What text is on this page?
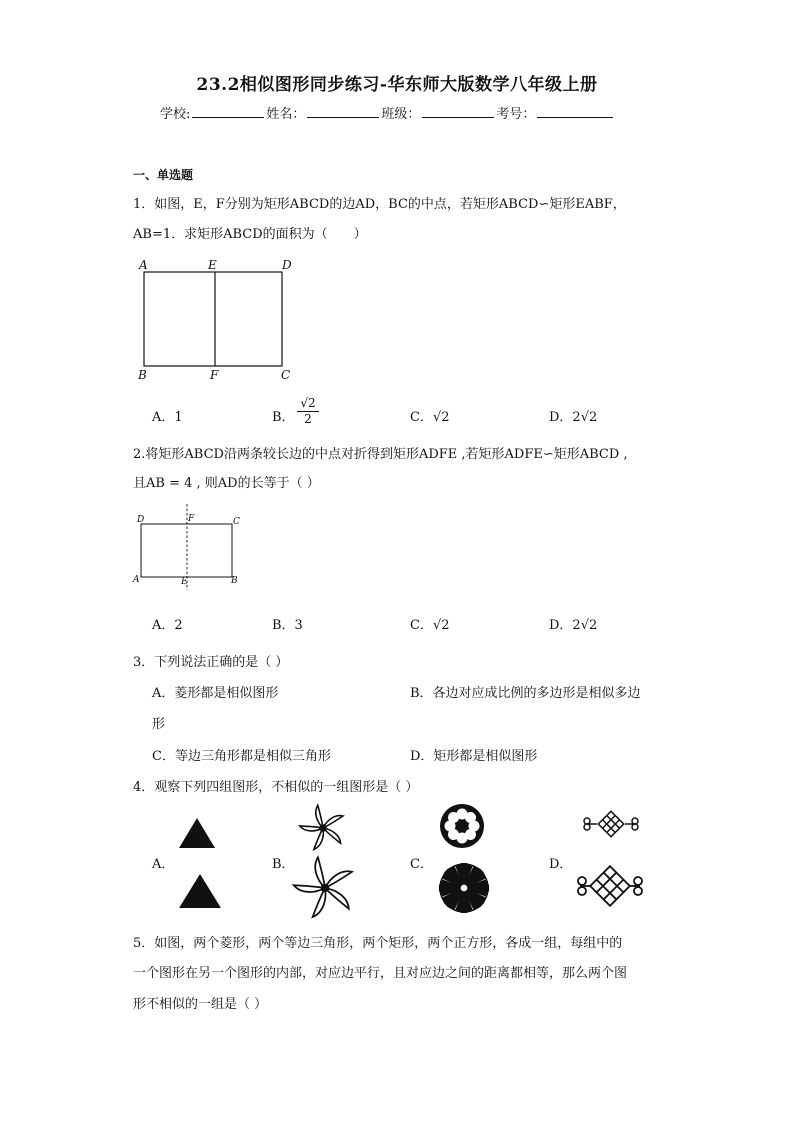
23.2相似图形同步练习-华东师大版数学八年级上册
学校:	姓名：	班级：	考号：
一、单选题
1．如图，E，F分别为矩形ABCD的边AD，BC的中点，若矩形ABCD∽矩形EABF，
AB=1．求矩形ABCD的面积为（　　）
A	E	D
B	F	C
A．1	B． $\frac{√2}{2}$	C．√2	D．2√2
2.将矩形ABCD沿两条较长边的中点对折得到矩形ADFE ,若矩形ADFE∽矩形ABCD ,
且AB = 4 , 则AD的长等于（ ）
D	F	C
A	E	B
A．2	B．3	C．√2	D．2√2
3．下列说法正确的是（ ）
A．菱形都是相似图形	B．各边对应成比例的多边形是相似多边
形
C．等边三角形都是相似三角形	D．矩形都是相似图形
4．观察下列四组图形，不相似的一组图形是（ ）
A．	B．	C．	D．
5．如图，两个菱形，两个等边三角形，两个矩形，两个正方形，各成一组，每组中的
一个图形在另一个图形的内部，对应边平行，且对应边之间的距离都相等，那么两个图
形不相似的一组是（ ）
